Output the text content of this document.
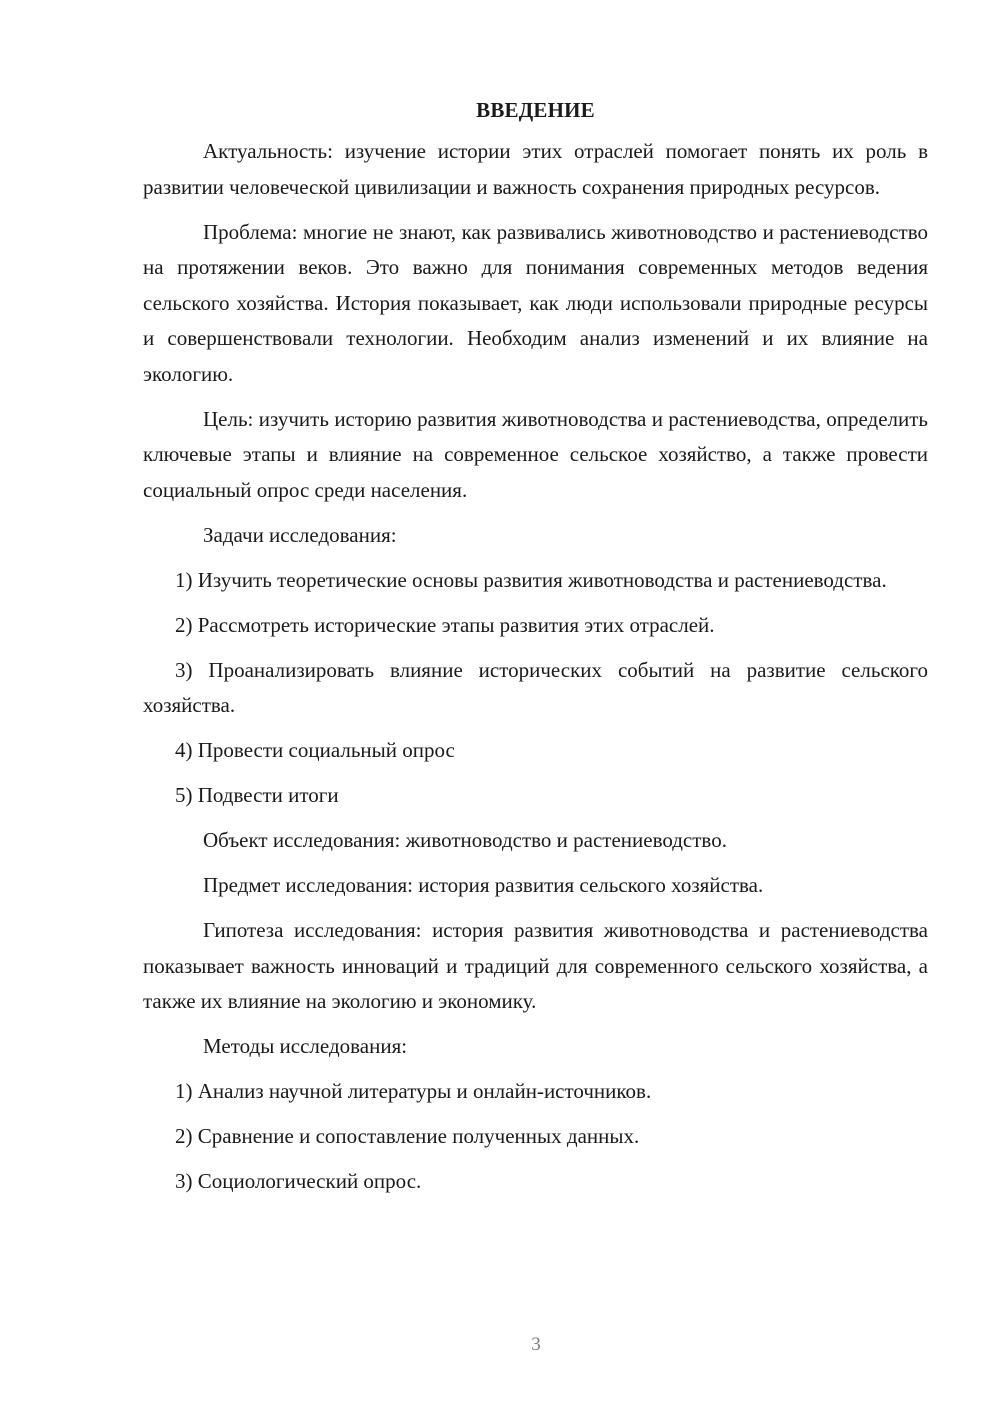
ВВЕДЕНИЕ

Актуальность: изучение истории этих отраслей помогает понять их роль в развитии человеческой цивилизации и важность сохранения природных ресурсов.

Проблема: многие не знают, как развивались животноводство и растениеводство на протяжении веков. Это важно для понимания современных методов ведения сельского хозяйства. История показывает, как люди использовали природные ресурсы и совершенствовали технологии. Необходим анализ изменений и их влияние на экологию.

Цель: изучить историю развития животноводства и растениеводства, определить ключевые этапы и влияние на современное сельское хозяйство, а также провести социальный опрос среди населения.

Задачи исследования:

1) Изучить теоретические основы развития животноводства и растениеводства.

2) Рассмотреть исторические этапы развития этих отраслей.

3) Проанализировать влияние исторических событий на развитие сельского хозяйства.

4) Провести социальный опрос

5) Подвести итоги

Объект исследования: животноводство и растениеводство.

Предмет исследования: история развития сельского хозяйства.

Гипотеза исследования: история развития животноводства и растениеводства показывает важность инноваций и традиций для современного сельского хозяйства, а также их влияние на экологию и экономику.

Методы исследования:

1) Анализ научной литературы и онлайн-источников.

2) Сравнение и сопоставление полученных данных.

3) Социологический опрос.

3
